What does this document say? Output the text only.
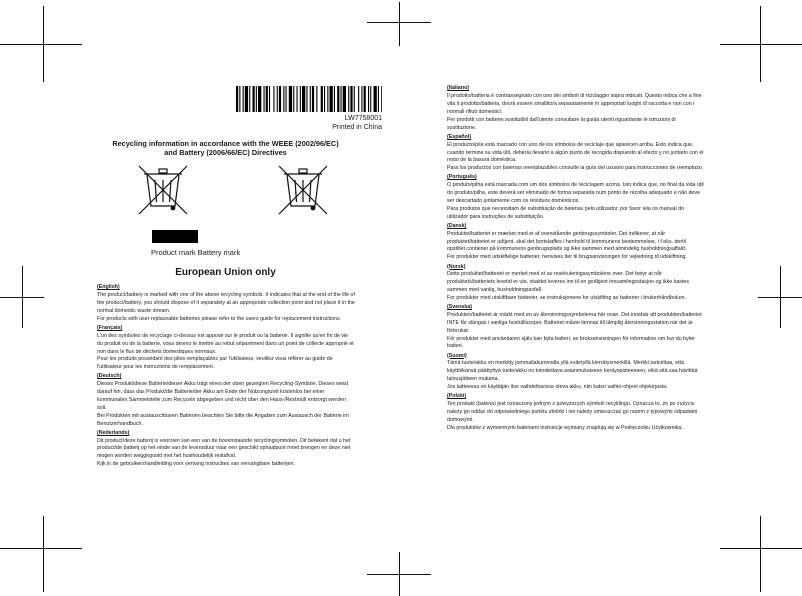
LW7758001
Printed in China
Recycling information in accordance with the WEEE (2002/96/EC)
and Battery (2006/66/EC) Directives
Product mark Battery mark
European Union only
(English)
The product/battery is marked with one of the above recycling symbols. It indicates that at the end of the life of the product/battery, you should dispose of it separately at an appropriate collection point and not place it in the normal domestic waste stream.
For products with user replaceable batteries please refer to the users guide for replacement instructions.
(Français)
L'un des symboles de recyclage ci-dessus est apposé sur le produit ou la batterie. Il signifie qu'en fin de vie du produit ou de la batterie, vous devrez le mettre au rebut séparément dans un point de collecte approprié et non dans le flux de déchets domestiques normaux.
Pour les produits possédant des piles remplaçables par l'utilisateur, veuillez vous référer au guide de l'utilisateur pour les instructions de remplacement.
(Deutsch)
Dieses Produkt/diese Batterie/dieser Akku trägt eines der oben gezeigten Recycling-Symbole. Dieses weist darauf hin, dass das Produkt/die Batterie/der Akku am Ende der Nutzungszeit kostenlos bei einer kommunalen Sammelstelle zum Recyceln abgegeben und nicht über den Haus-/Restmüll entsorgt werden soll.
Bei Produkten mit austauschbaren Batterien beachten Sie bitte die Angaben zum Austausch der Batterie im Benutzerhandbuch.
(Nederlands)
Dit product/deze batterij is voorzien van een van de bovenstaande recyclingsymbolen. Dit betekent dat u het product/de batterij op het einde van de levensduur naar een geschikt ophaalpunt moet brengen en deze niet mogen worden weggegooid met het huishoudelijk restafval.
Kijk in de gebruikershandleiding voor vervang instructies van vervangbare batterijen.
(Italiano)
Il prodotto/batteria è contrassegnato con uno dei simboli di riciclaggio sopra indicati. Questo indica che a fine vita il prodotto/batteria, dovrà essere smaltito/a separatamente in appropriati luoghi di raccolta e non con i normali rifiuti domestici.
Per prodotti con batterie sostituibili dall'utente consultare la guida utenti riguardante le istruzioni di sostituzione.
(Español)
El producto/pila está marcado con uno de los símbolos de reciclaje que aparecen arriba. Esto indica que, cuando termine su vida útil, debería llevarlo a algún punto de recogida dispuesto al efecto y no juntarlo con el resto de la basura doméstica.
Para los productos con baterías reemplazables consulte la guía del usuario para instrucciones de reemplazo.
(Português)
O produto/pilha está marcada com um dos símbolos de reciclagem acima. Isto indica que, no final da vida útil do produto/pilha, este deverá ser eliminado de forma separada num ponto de recolha adequado e não deve ser descartado juntamente com os resíduos domésticos.
Para produtos que necessitam de substituição de baterias pelo utilizador, por favor leia os manual do utilizador para instruções de substituição.
(Dansk)
Produktet/batteriet er mærket med et af ovenstående genbrugssymboler. Det indikerer, at når produktet/batteriet er udtjent, skal det bortskaffes i henhold til kommunens bestemmelser, i f.eks. dertil opstillet container på kommunens genbrugsplads og ikke sammen med almindelig husholdningsaffald.
For produkter med udskiftelige batterier, henvises der til brugsanvisningen for vejledning til udskiftning.
(Norsk)
Dette produktet/batteriet er merket med et av resirkuleringssymbolene over. Det betyr at når produktets/batteriets levetid er ute, skaldet leveres inn til en godkjent innsamlingsstasjon og ikke kastes sammen med vanlig, husholdningsavfall.
For produkter med utskiftbare batterier, se instruksjonene for utskifting av batterier i brukerhåndboken.
(Svenska)
Produkten/batteriet är märkt med en av återvinningssymbolerna här ovan. Det innebär att produkten/batteriet INTE får slängas i vanliga hushållssopor. Batteriet måste lämnas till lämplig återvinningsstation när det är förbrukat.
För produkter med användaren själv kan byta batteri, se bruksanvisningen för information om hur du byter batteri.
(Suomi)
Tämä tuote/akku on merkitty jommallakummalla yllä esitetyllä kierrätysmerkillä. Merkki tarkoittaa, että käyttöikänsä päättyttyä tuote/akku on toimitettava asianmukaiseen keräyspisteeseen, eikä sitä saa hävittää talousjätteen mukana.
Jos laitteessa on käyttäjän itse vaihdettavissa oleva akku, niin katso vaihto-ohjeet ohjekirjasta.
(Polski)
Ten produkt (bateria) jest oznaczony jednym z powyższych symboli recyklingu. Oznacza to, że po zużyciu należy go oddać do odpowiedniego punktu zbiórki i nie należy umieszczać go razem z typowymi odpadami domowymi.
Dla produktów z wymiennymi bateriami instrukcje wymiany znajdują się w Podręczniku Użytkownika.
